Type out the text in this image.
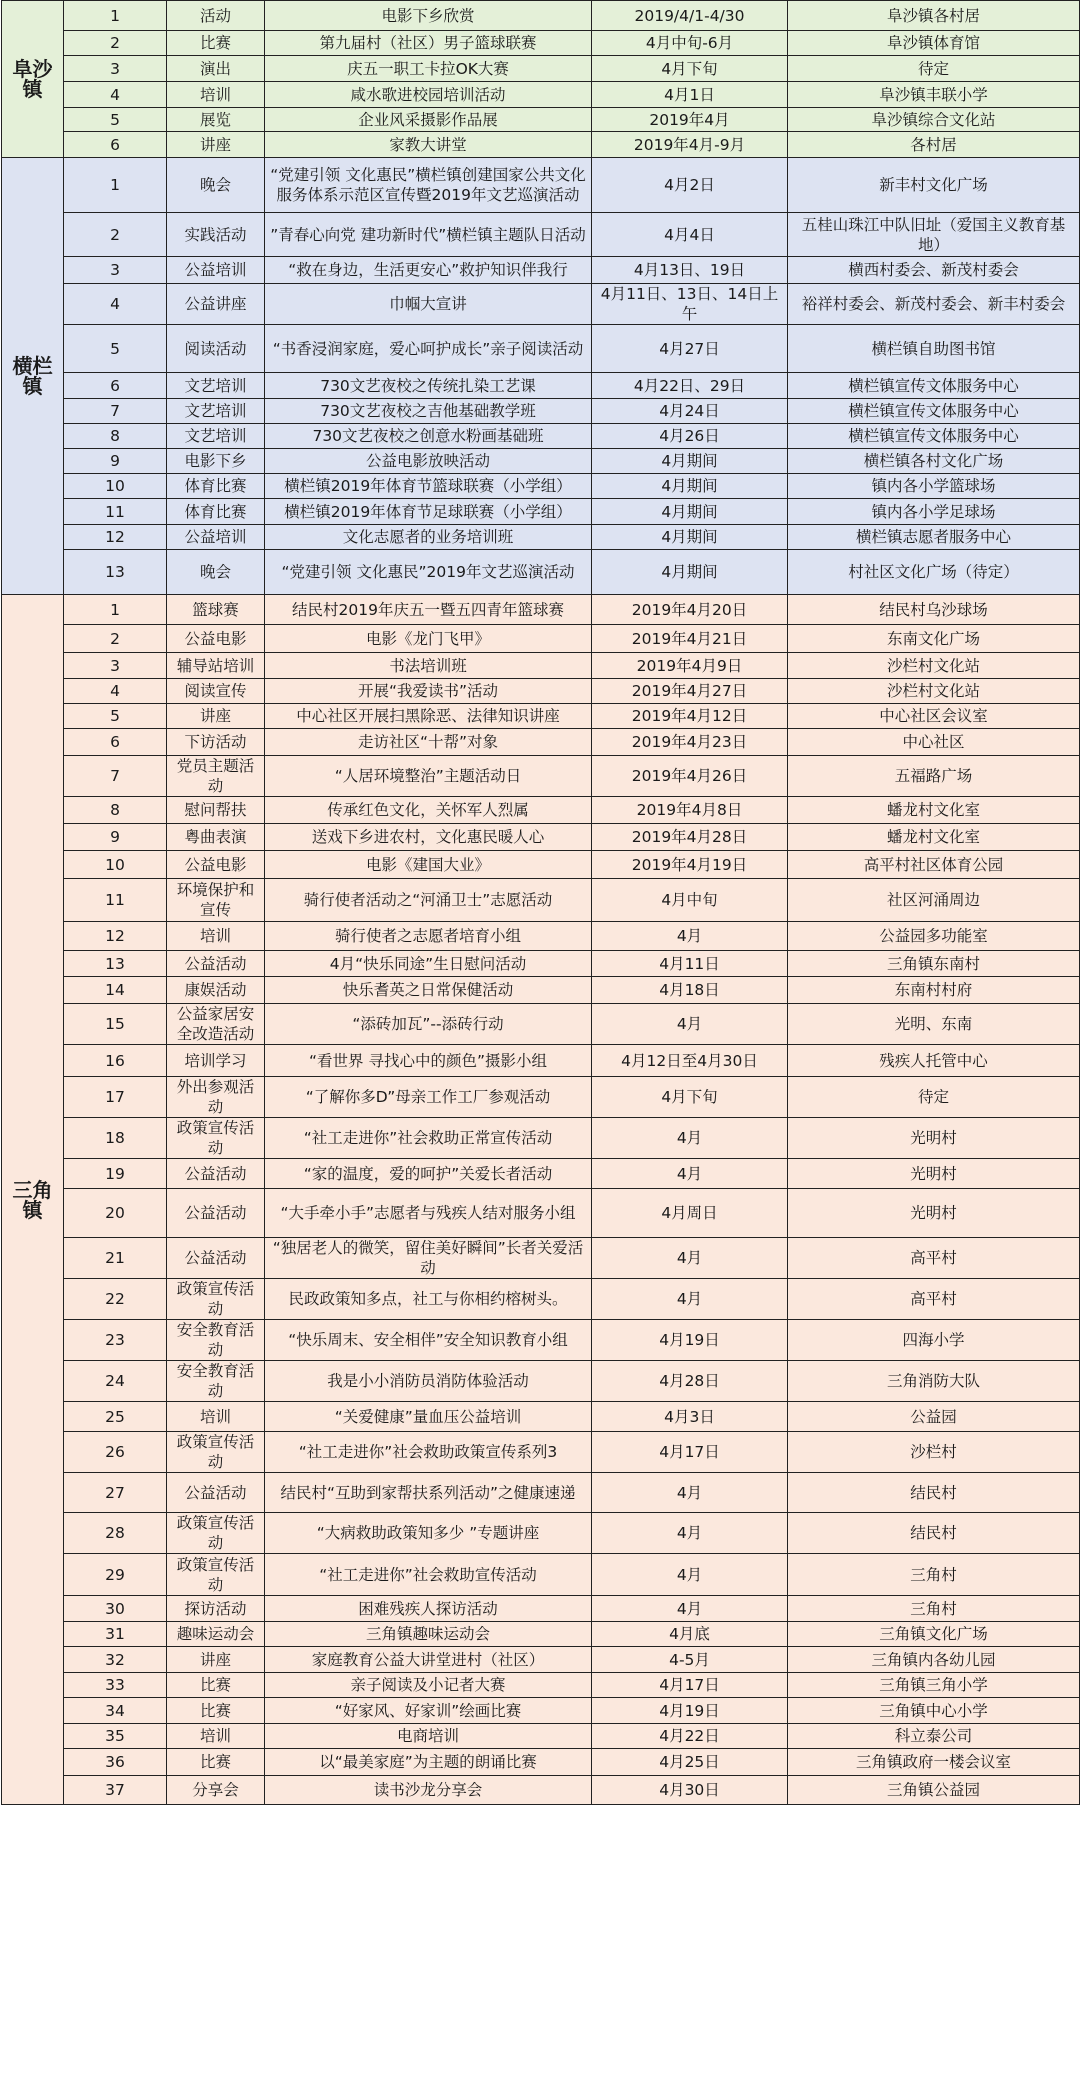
阜沙镇	1	活动	电影下乡欣赏	2019/4/1-4/30	阜沙镇各村居
	2	比赛	第九届村（社区）男子篮球联赛	4月中旬-6月	阜沙镇体育馆
	3	演出	庆五一职工卡拉OK大赛	4月下旬	待定
	4	培训	咸水歌进校园培训活动	4月1日	阜沙镇丰联小学
	5	展览	企业风采摄影作品展	2019年4月	阜沙镇综合文化站
	6	讲座	家教大讲堂	2019年4月-9月	各村居
横栏镇	1	晚会	“党建引领 文化惠民”横栏镇创建国家公共文化服务体系示范区宣传暨2019年文艺巡演活动	4月2日	新丰村文化广场
	2	实践活动	”青春心向党 建功新时代”横栏镇主题队日活动	4月4日	五桂山珠江中队旧址（爱国主义教育基地）
	3	公益培训	“救在身边，生活更安心”救护知识伴我行	4月13日、19日	横西村委会、新茂村委会
	4	公益讲座	巾帼大宣讲	4月11日、13日、14日上午	裕祥村委会、新茂村委会、新丰村委会
	5	阅读活动	“书香浸润家庭，爱心呵护成长”亲子阅读活动	4月27日	横栏镇自助图书馆
	6	文艺培训	730文艺夜校之传统扎染工艺课	4月22日、29日	横栏镇宣传文体服务中心
	7	文艺培训	730文艺夜校之吉他基础教学班	4月24日	横栏镇宣传文体服务中心
	8	文艺培训	730文艺夜校之创意水粉画基础班	4月26日	横栏镇宣传文体服务中心
	9	电影下乡	公益电影放映活动	4月期间	横栏镇各村文化广场
	10	体育比赛	横栏镇2019年体育节篮球联赛（小学组）	4月期间	镇内各小学篮球场
	11	体育比赛	横栏镇2019年体育节足球联赛（小学组）	4月期间	镇内各小学足球场
	12	公益培训	文化志愿者的业务培训班	4月期间	横栏镇志愿者服务中心
	13	晚会	“党建引领 文化惠民”2019年文艺巡演活动	4月期间	村社区文化广场（待定）
三角镇	1	篮球赛	结民村2019年庆五一暨五四青年篮球赛	2019年4月20日	结民村乌沙球场
	2	公益电影	电影《龙门飞甲》	2019年4月21日	东南文化广场
	3	辅导站培训	书法培训班	2019年4月9日	沙栏村文化站
	4	阅读宣传	开展“我爱读书”活动	2019年4月27日	沙栏村文化站
	5	讲座	中心社区开展扫黑除恶、法律知识讲座	2019年4月12日	中心社区会议室
	6	下访活动	走访社区“十帮”对象	2019年4月23日	中心社区
	7	党员主题活动	“人居环境整治”主题活动日	2019年4月26日	五福路广场
	8	慰问帮扶	传承红色文化，关怀军人烈属	2019年4月8日	蟠龙村文化室
	9	粤曲表演	送戏下乡进农村，文化惠民暖人心	2019年4月28日	蟠龙村文化室
	10	公益电影	电影《建国大业》	2019年4月19日	高平村社区体育公园
	11	环境保护和宣传	骑行使者活动之“河涌卫士”志愿活动	4月中旬	社区河涌周边
	12	培训	骑行使者之志愿者培育小组	4月	公益园多功能室
	13	公益活动	4月“快乐同途”生日慰问活动	4月11日	三角镇东南村
	14	康娱活动	快乐耆英之日常保健活动	4月18日	东南村村府
	15	公益家居安全改造活动	“添砖加瓦”--添砖行动	4月	光明、东南
	16	培训学习	“看世界 寻找心中的颜色”摄影小组	4月12日至4月30日	残疾人托管中心
	17	外出参观活动	“了解你多D”母亲工作工厂参观活动	4月下旬	待定
	18	政策宣传活动	“社工走进你”社会救助正常宣传活动	4月	光明村
	19	公益活动	“家的温度，爱的呵护”关爱长者活动	4月	光明村
	20	公益活动	“大手牵小手”志愿者与残疾人结对服务小组	4月周日	光明村
	21	公益活动	“独居老人的微笑，留住美好瞬间”长者关爱活动	4月	高平村
	22	政策宣传活动	民政政策知多点，社工与你相约榕树头。	4月	高平村
	23	安全教育活动	“快乐周末、安全相伴”安全知识教育小组	4月19日	四海小学
	24	安全教育活动	我是小小消防员消防体验活动	4月28日	三角消防大队
	25	培训	“关爱健康”量血压公益培训	4月3日	公益园
	26	政策宣传活动	“社工走进你”社会救助政策宣传系列3	4月17日	沙栏村
	27	公益活动	结民村“互助到家帮扶系列活动”之健康速递	4月	结民村
	28	政策宣传活动	“大病救助政策知多少 ”专题讲座	4月	结民村
	29	政策宣传活动	“社工走进你”社会救助宣传活动	4月	三角村
	30	探访活动	困难残疾人探访活动	4月	三角村
	31	趣味运动会	三角镇趣味运动会	4月底	三角镇文化广场
	32	讲座	家庭教育公益大讲堂进村（社区）	4-5月	三角镇内各幼儿园
	33	比赛	亲子阅读及小记者大赛	4月17日	三角镇三角小学
	34	比赛	“好家风、好家训”绘画比赛	4月19日	三角镇中心小学
	35	培训	电商培训	4月22日	科立泰公司
	36	比赛	以“最美家庭”为主题的朗诵比赛	4月25日	三角镇政府一楼会议室
	37	分享会	读书沙龙分享会	4月30日	三角镇公益园
